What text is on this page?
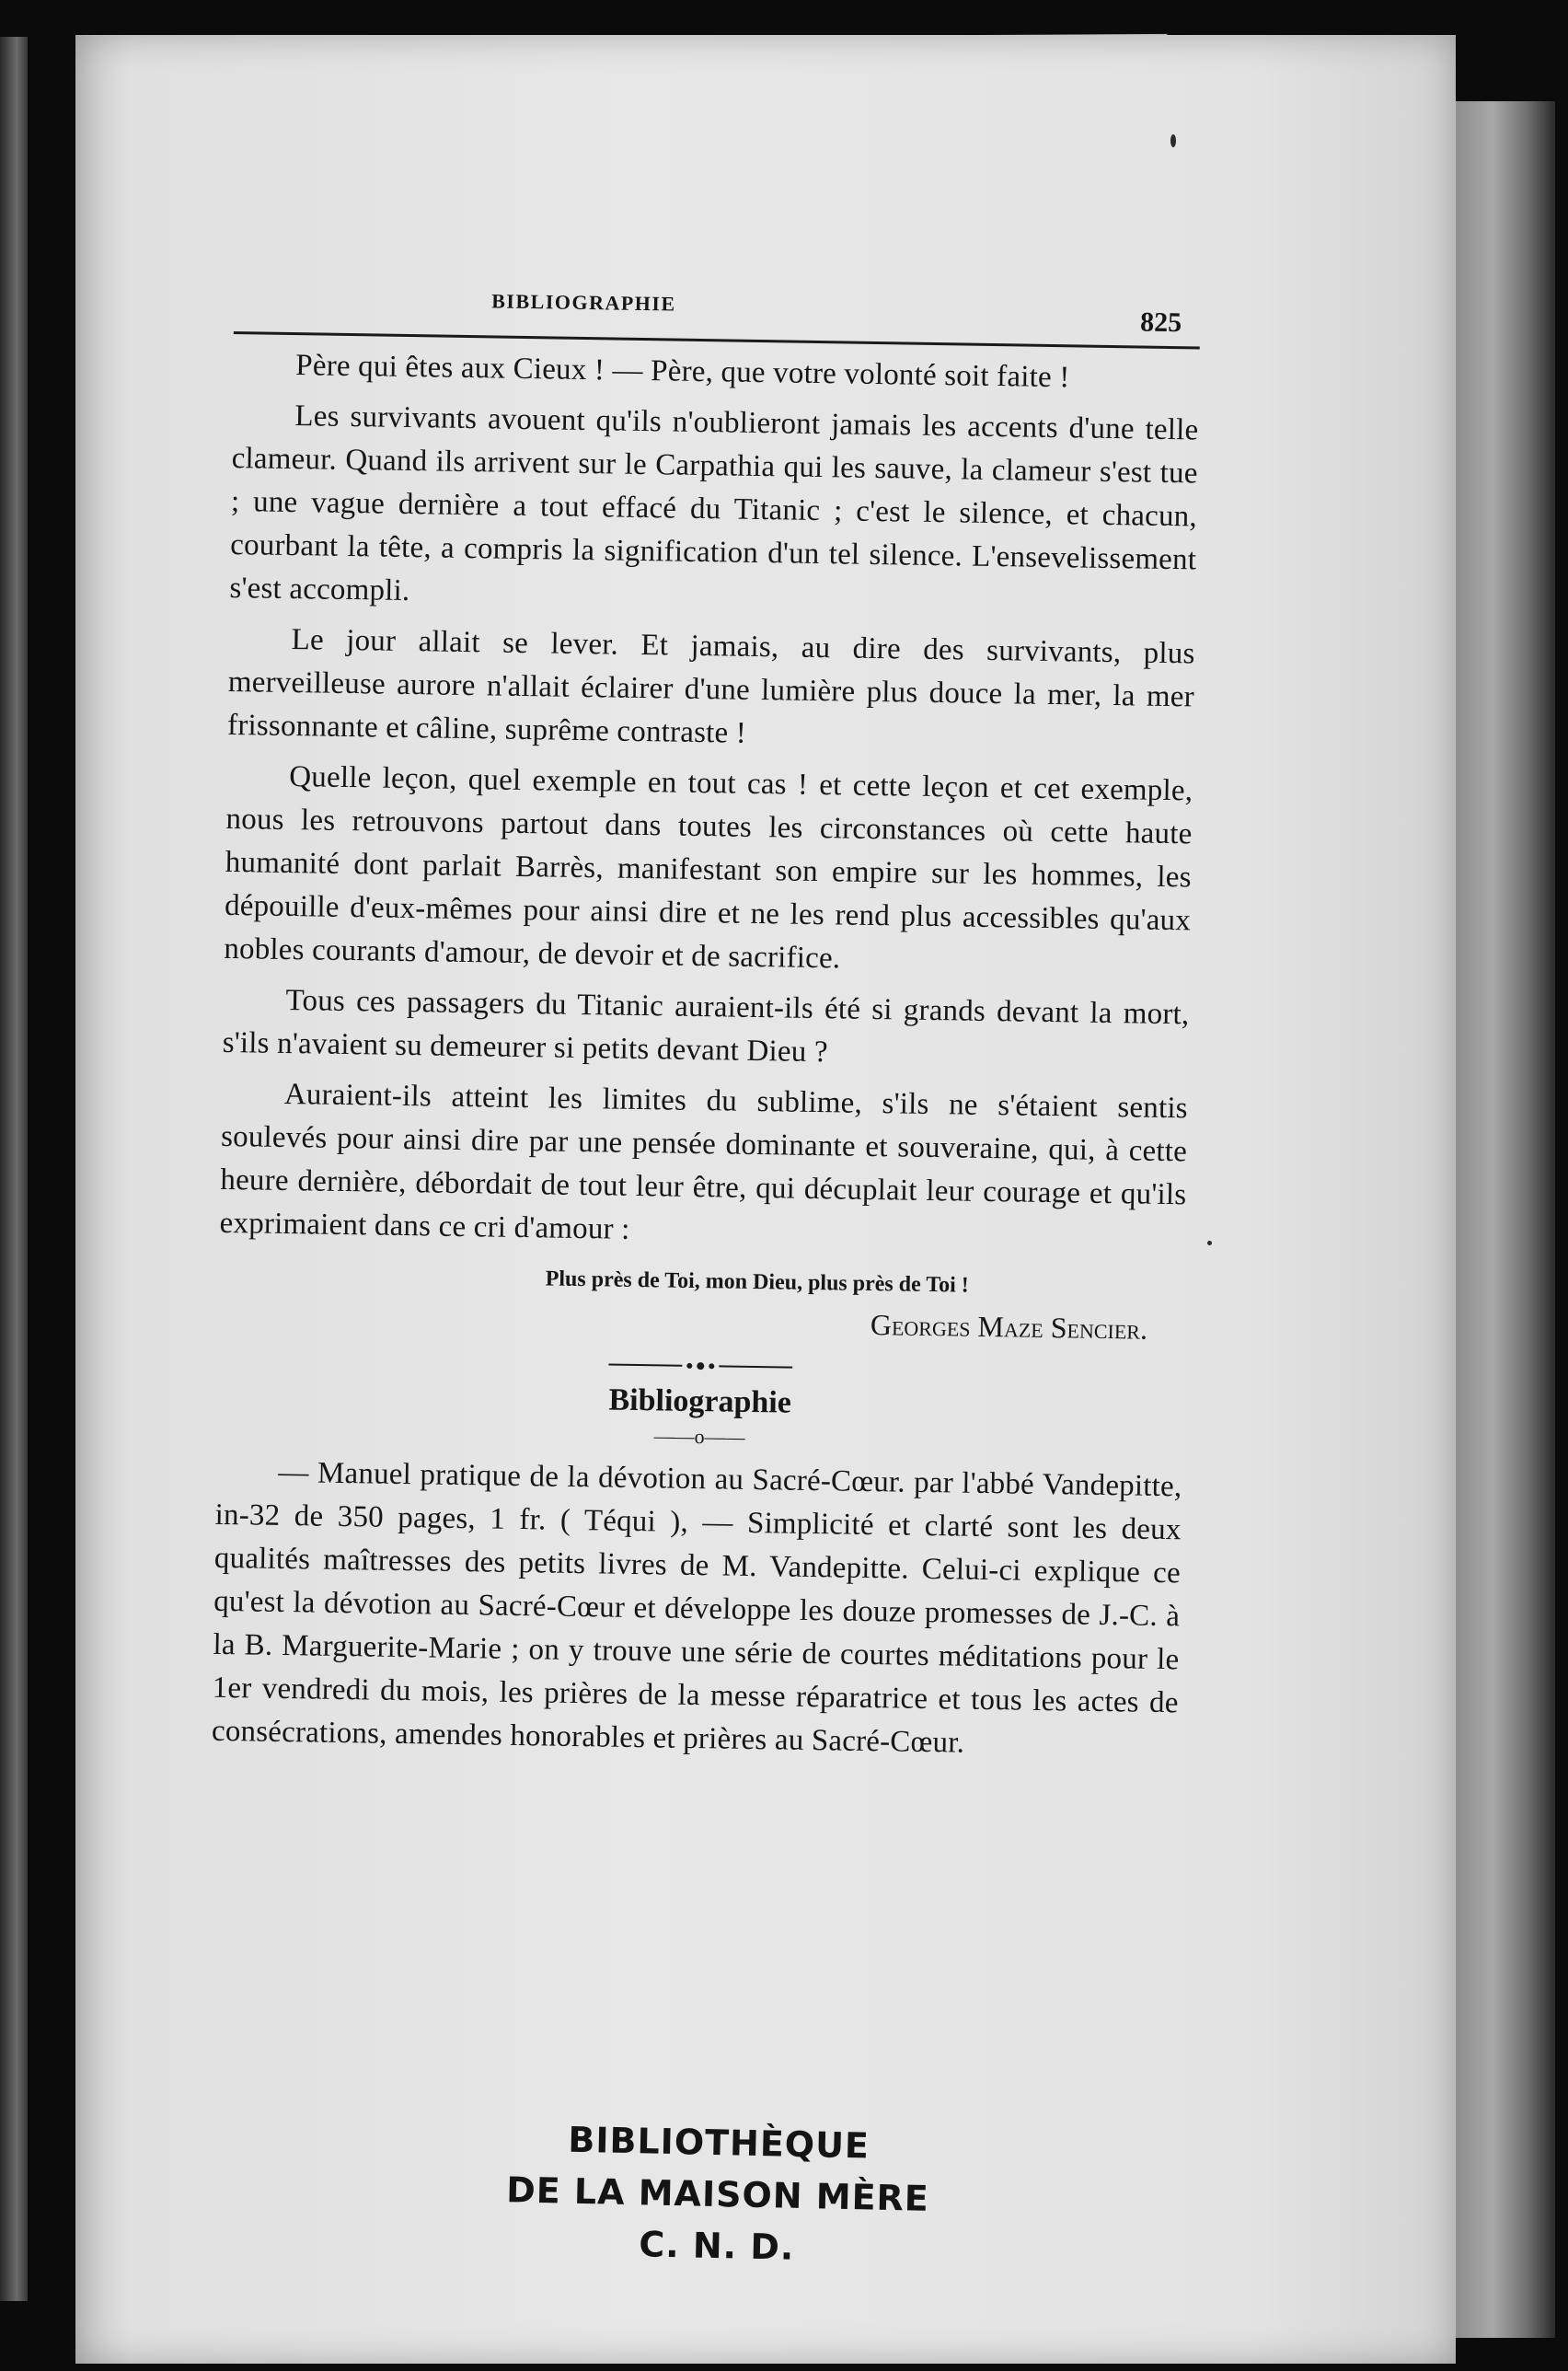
BIBLIOGRAPHIE
825

Père qui êtes aux Cieux ! — Père, que votre volonté soit faite !

Les survivants avouent qu'ils n'oublieront jamais les accents d'une telle clameur. Quand ils arrivent sur le Carpathia qui les sauve, la clameur s'est tue ; une vague dernière a tout effacé du Titanic ; c'est le silence, et chacun, courbant la tête, a compris la signification d'un tel silence. L'ensevelissement s'est accompli.

Le jour allait se lever. Et jamais, au dire des survivants, plus merveilleuse aurore n'allait éclairer d'une lumière plus douce la mer, la mer frissonnante et câline, suprême contraste !

Quelle leçon, quel exemple en tout cas ! et cette leçon et cet exemple, nous les retrouvons partout dans toutes les circonstances où cette haute humanité dont parlait Barrès, manifestant son empire sur les hommes, les dépouille d'eux-mêmes pour ainsi dire et ne les rend plus accessibles qu'aux nobles courants d'amour, de devoir et de sacrifice.

Tous ces passagers du Titanic auraient-ils été si grands devant la mort, s'ils n'avaient su demeurer si petits devant Dieu ?

Auraient-ils atteint les limites du sublime, s'ils ne s'étaient sentis soulevés pour ainsi dire par une pensée dominante et souveraine, qui, à cette heure dernière, débordait de tout leur être, qui décuplait leur courage et qu'ils exprimaient dans ce cri d'amour :

Plus près de Toi, mon Dieu, plus près de Toi !
Georges Maze Sencier.
Bibliographie
——o——

— Manuel pratique de la dévotion au Sacré-Cœur. par l'abbé Vandepitte, in-32 de 350 pages, 1 fr. ( Téqui ), — Simplicité et clarté sont les deux qualités maîtresses des petits livres de M. Vandepitte. Celui-ci explique ce qu'est la dévotion au Sacré-Cœur et développe les douze promesses de J.-C. à la B. Marguerite-Marie ; on y trouve une série de courtes méditations pour le 1er vendredi du mois, les prières de la messe réparatrice et tous les actes de consécrations, amendes honorables et prières au Sacré-Cœur.

BIBLIOTHÈQUE
DE LA MAISON MÈRE
C. N. D.
